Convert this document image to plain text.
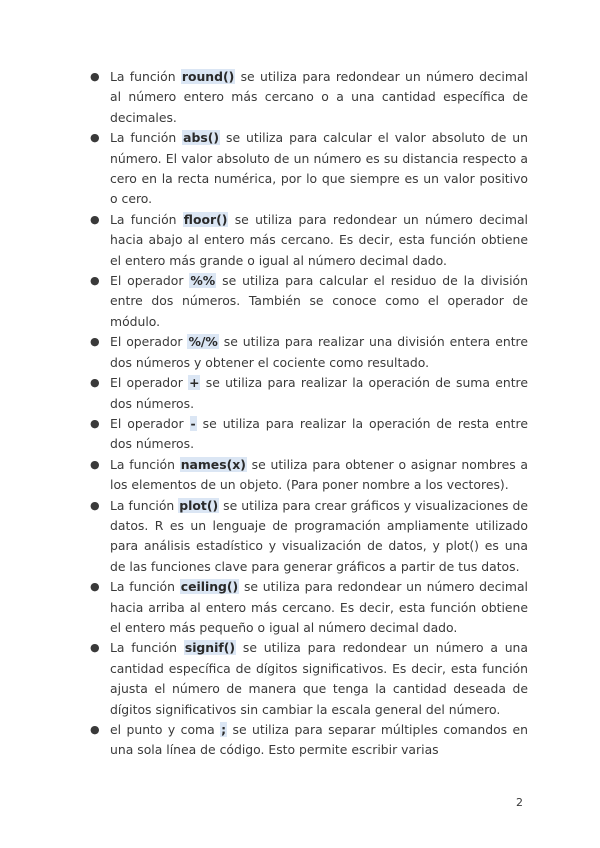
● La función round() se utiliza para redondear un número decimal al número entero más cercano o a una cantidad específica de decimales.
● La función abs() se utiliza para calcular el valor absoluto de un número. El valor absoluto de un número es su distancia respecto a cero en la recta numérica, por lo que siempre es un valor positivo o cero.
● La función floor() se utiliza para redondear un número decimal hacia abajo al entero más cercano. Es decir, esta función obtiene el entero más grande o igual al número decimal dado.
● El operador %% se utiliza para calcular el residuo de la división entre dos números. También se conoce como el operador de módulo.
● El operador %/% se utiliza para realizar una división entera entre dos números y obtener el cociente como resultado.
● El operador + se utiliza para realizar la operación de suma entre dos números.
● El operador - se utiliza para realizar la operación de resta entre dos números.
● La función names(x) se utiliza para obtener o asignar nombres a los elementos de un objeto. (Para poner nombre a los vectores).
● La función plot() se utiliza para crear gráficos y visualizaciones de datos. R es un lenguaje de programación ampliamente utilizado para análisis estadístico y visualización de datos, y plot() es una de las funciones clave para generar gráficos a partir de tus datos.
● La función ceiling() se utiliza para redondear un número decimal hacia arriba al entero más cercano. Es decir, esta función obtiene el entero más pequeño o igual al número decimal dado.
● La función signif() se utiliza para redondear un número a una cantidad específica de dígitos significativos. Es decir, esta función ajusta el número de manera que tenga la cantidad deseada de dígitos significativos sin cambiar la escala general del número.
● el punto y coma ; se utiliza para separar múltiples comandos en una sola línea de código. Esto permite escribir varias
2
